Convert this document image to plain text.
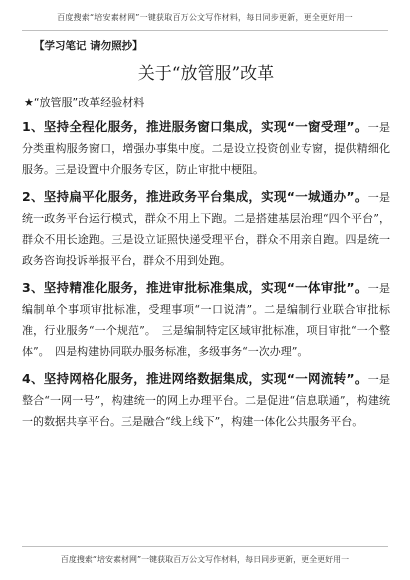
百度搜索“培安素材网”一键获取百万公文写作材料，每日同步更新，更全更好用一
【学习笔记 请勿照抄】
关于“放管服”改革
★“放管服”改革经验材料
1、坚持全程化服务，推进服务窗口集成，实现“一窗受理”。一是分类重构服务窗口，增强办事集中度。二是设立投资创业专窗，提供精细化服务。三是设置中介服务专区，防止审批中梗阻。
2、坚持扁平化服务，推进政务平台集成，实现“一城通办”。一是统一政务平台运行模式，群众不用上下跑。二是搭建基层治理“四个平台”，群众不用长途跑。三是设立证照快递受理平台，群众不用亲自跑。四是统一政务咨询投诉举报平台，群众不用到处跑。
3、坚持精准化服务，推进审批标准集成，实现“一体审批”。一是编制单个事项审批标准，受理事项“一口说清”。二是编制行业联合审批标准，行业服务“一个规范”。　三是编制特定区域审批标准，项目审批“一个整体”。　四是构建协同联办服务标准，多级事务“一次办理”。
4、坚持网格化服务，推进网络数据集成，实现“一网流转”。一是整合“一网一号”，构建统一的网上办理平台。二是促进“信息联通”，构建统一的数据共享平台。三是融合“线上线下”，构建一体化公共服务平台。
百度搜索“培安素材网”一键获取百万公文写作材料，每日同步更新，更全更好用一
